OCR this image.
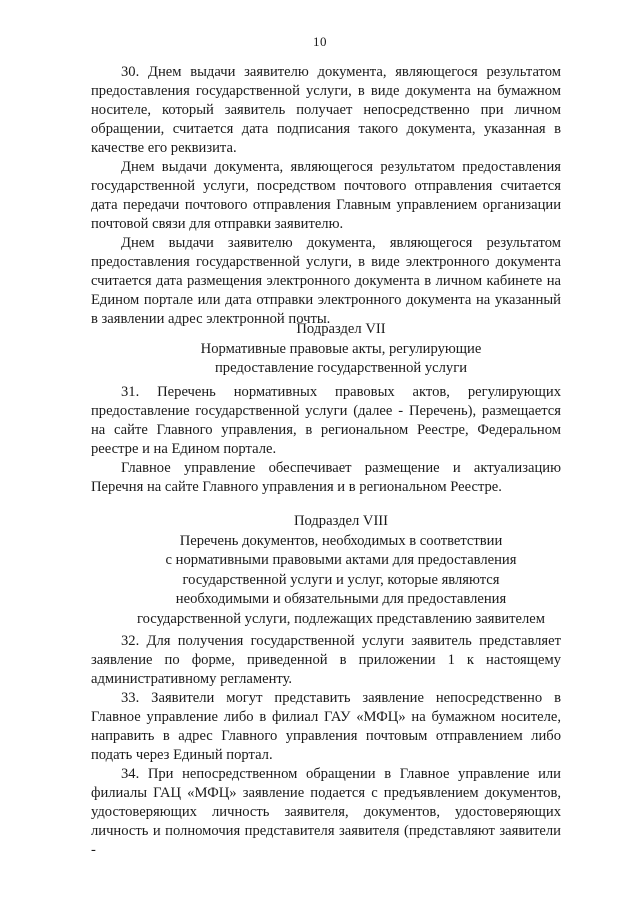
10

30. Днем выдачи заявителю документа, являющегося результатом предоставления государственной услуги, в виде документа на бумажном носителе, который заявитель получает непосредственно при личном обращении, считается дата подписания такого документа, указанная в качестве его реквизита.

Днем выдачи документа, являющегося результатом предоставления государственной услуги, посредством почтового отправления считается дата передачи почтового отправления Главным управлением организации почтовой связи для отправки заявителю.

Днем выдачи заявителю документа, являющегося результатом предоставления государственной услуги, в виде электронного документа считается дата размещения электронного документа в личном кабинете на Едином портале или дата отправки электронного документа на указанный в заявлении адрес электронной почты.

Подраздел VII
Нормативные правовые акты, регулирующие
предоставление государственной услуги

31. Перечень нормативных правовых актов, регулирующих предоставление государственной услуги (далее - Перечень), размещается на сайте Главного управления, в региональном Реестре, Федеральном реестре и на Едином портале.

Главное управление обеспечивает размещение и актуализацию Перечня на сайте Главного управления и в региональном Реестре.

Подраздел VIII
Перечень документов, необходимых в соответствии
с нормативными правовыми актами для предоставления
государственной услуги и услуг, которые являются
необходимыми и обязательными для предоставления
государственной услуги, подлежащих представлению заявителем

32. Для получения государственной услуги заявитель представляет заявление по форме, приведенной в приложении 1 к настоящему административному регламенту.

33. Заявители могут представить заявление непосредственно в Главное управление либо в филиал ГАУ «МФЦ» на бумажном носителе, направить в адрес Главного управления почтовым отправлением либо подать через Единый портал.

34. При непосредственном обращении в Главное управление или филиалы ГАЦ «МФЦ» заявление подается с предъявлением документов, удостоверяющих личность заявителя, документов, удостоверяющих личность и полномочия представителя заявителя (представляют заявители -
